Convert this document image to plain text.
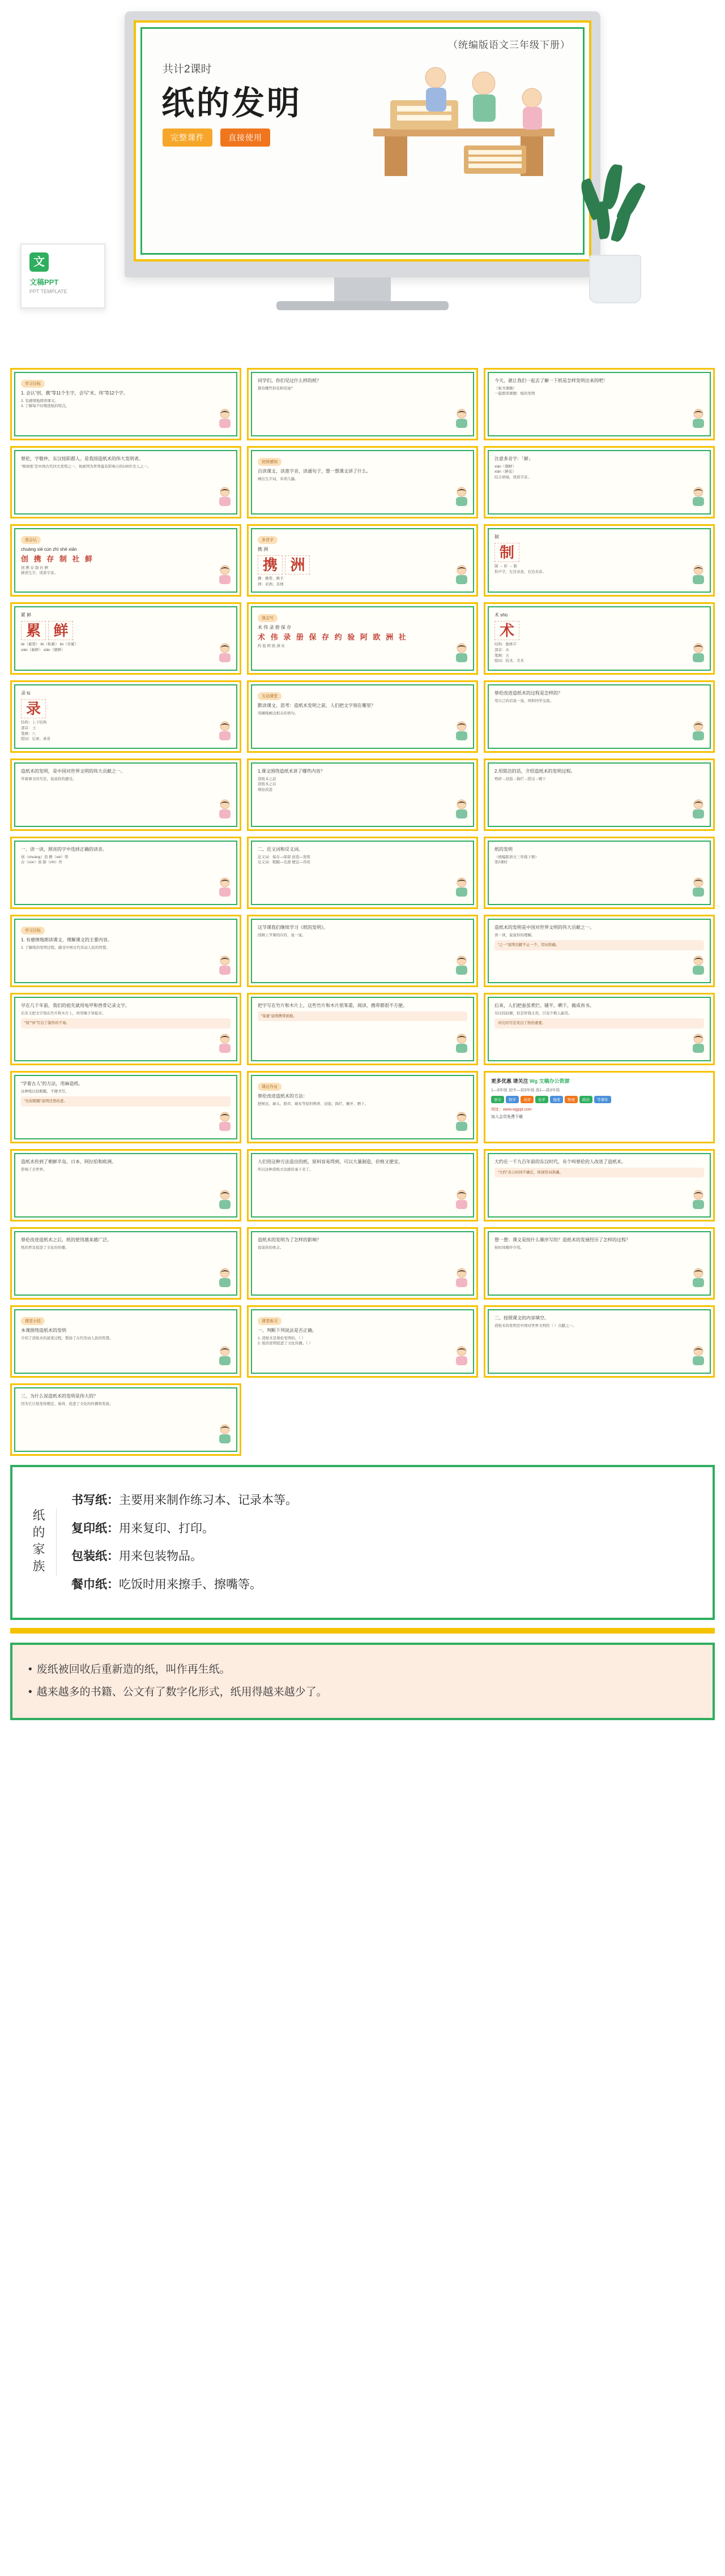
（统编版语文三年级下册）
共计2课时
纸的发明
完整课件	直接使用
文
文稿PPT
PPT TEMPLATE
学习目标
1. 会认“创、携”等11个生字，会写“术、伟”等12个字。
2. 有感情地朗读课文。
3. 了解每个时期造纸的特点。
同学们，你们见过什么样的纸？
都有哪些形状和用途？
今天，就让我们一起去了解一下纸是怎样发明出来的吧！
（板书课题）
一起朗读课题：纸的发明
蔡伦，字敬仲，东汉桂阳郡人。是我国造纸术的伟大发明者。
“蔡侯纸”是中国古代四大发明之一，他被列为世界最有影响力的100位名人之一。
初读感知
自读课文，读准字音，读通句子，想一想课文讲了什么。
画出生字词，多读几遍。
注意多音字：「鲜」
xiǎn（朝鲜）
xiān（鲜花）
结合语境，读准字音。
我会认
chuàng xié cún zhì shè xiān
创 携 存 制 社 鲜
创 携 存 制 社 鲜
拼读生字，读准字音。
多音字
携 洲
携 洲
携：携带、携手
洲：亚洲、非洲
制
制
制 → 彩 → 制
形声字，左边表意，右边表音。
累 鲜
累 鲜
léi（累赘） lěi（积累） lèi（劳累）
xiān（新鲜） xiǎn（朝鲜）
我会写
术 伟 录 册 保 存
术 伟 录 册 保 存 约 验 阿 欧 洲 社
约 验 阿 欧 洲 社
术 shù
术
结构：独体字
部首：木
笔画：五
组词：技术、美术
录 lù
录
结构：上下结构
部首：彐
笔画：八
组词：记录、录音
互动课堂
默读课文，思考：造纸术发明之前，人们把文字刻在哪里？
用横线画出相关的语句。
蔡伦改进造纸术的过程是怎样的？
用自己的话说一说，再和同学交流。
造纸术的发明，是中国对世界文明的伟大贡献之一。
学着课文的写法，说说你的感受。
1.课文围绕造纸术讲了哪些内容？
造纸术之前
造纸术之后
蔡伦改进
2.用简洁的话，介绍造纸术的发明过程。
剪碎→浸泡→捣烂→捞出→晒干
一、读一读，照亮的字中选择正确的读音。
创（chuàng）造 携（xié）带
存（cún）放 制（zhì）作
二、近义词和反义词。
近义词：保存—保留 创造—发明
反义词：粗糙—光滑 便宜—昂贵
纸的发明
（统编版语文三年级下册）
第2课时
学习目标
1. 有感情地朗读课文，理解课文的主要内容。
2. 了解纸的发明过程，感受中国古代劳动人民的智慧。
这节课我们继续学习《纸的发明》。
回顾上节课的内容，说一说。
造纸术的发明是中国对世界文明的伟大贡献之一。
读一读，说说你的理解。
“之一”说明贡献不止一个，用词准确。
早在几千年前，我们的祖先就用龟甲和兽骨记录文字。
后来又把文字刻在竹片和木片上，再用绳子穿起来。
“刻”“穿”写出了制作的不易。
把字写在竹片和木片上，这些竹片和木片很笨重，阅读、携带都很不方便。
“笨重”说明携带困难。
后来，人们把蚕茧煮烂、铺平、晒干，做成帛书。
帛比较轻便，但是价钱太贵，只有少数人能用。
对比的写法突出了纸的重要。
“学着古人”的方法，用麻造纸。
这种纸比较粗糙，不便书写。
“比较粗糙”说明还需改进。
课后作业
蔡伦改进造纸术的方法：
把树皮、麻头、稻草、破布等原料剪碎、浸泡、捣烂、摊开、晒干。
更多优惠 请关注 Wg 文稿办公资源
1—9年级 初中—初3年级 高1—高3年级
语文	数学	英语	化学	地理	物理	政治	等课件
网址：www.wgppt.com
加入会员免费下载
造纸术传到了朝鲜半岛、日本、阿拉伯和欧洲。
影响了全世界。
人们用这种方法造出的纸，原料容易得到，可以大量制造，价格又便宜。
所以这种造纸方法就传承下来了。
大约在一千九百年前的东汉时代，有个叫蔡伦的人改进了造纸术。
“大约”表示时间不确定，体现用词准确。
蔡伦改进造纸术之后，纸的使用越来越广泛。
纸的普及促进了文化的传播。
造纸术的发明为了怎样的影响？
说说你的体会。
想一想：课文是按什么顺序写的？造纸术的发展经历了怎样的过程？
按时间顺序介绍。
课堂小结
本课围绕造纸术的发明
介绍了造纸术的演变过程，赞扬了古代劳动人民的智慧。
课堂练习
一、判断下列说法是否正确。
1. 造纸术是蔡伦发明的。（ ）
2. 纸的发明促进了文化传播。（ ）
二、按照课文的内容填空。
造纸术的发明是中国对世界文明的（ ）贡献之一。
三、为什么说造纸术的发明是伟大的？
因为它让纸变得便宜、易得，促进了文化的传播和发展。
纸的家族
书写纸：主要用来制作练习本、记录本等。
复印纸：用来复印、打印。
包装纸：用来包装物品。
餐巾纸：吃饭时用来擦手、擦嘴等。
• 废纸被回收后重新造的纸，叫作再生纸。
• 越来越多的书籍、公文有了数字化形式，纸用得越来越少了。
